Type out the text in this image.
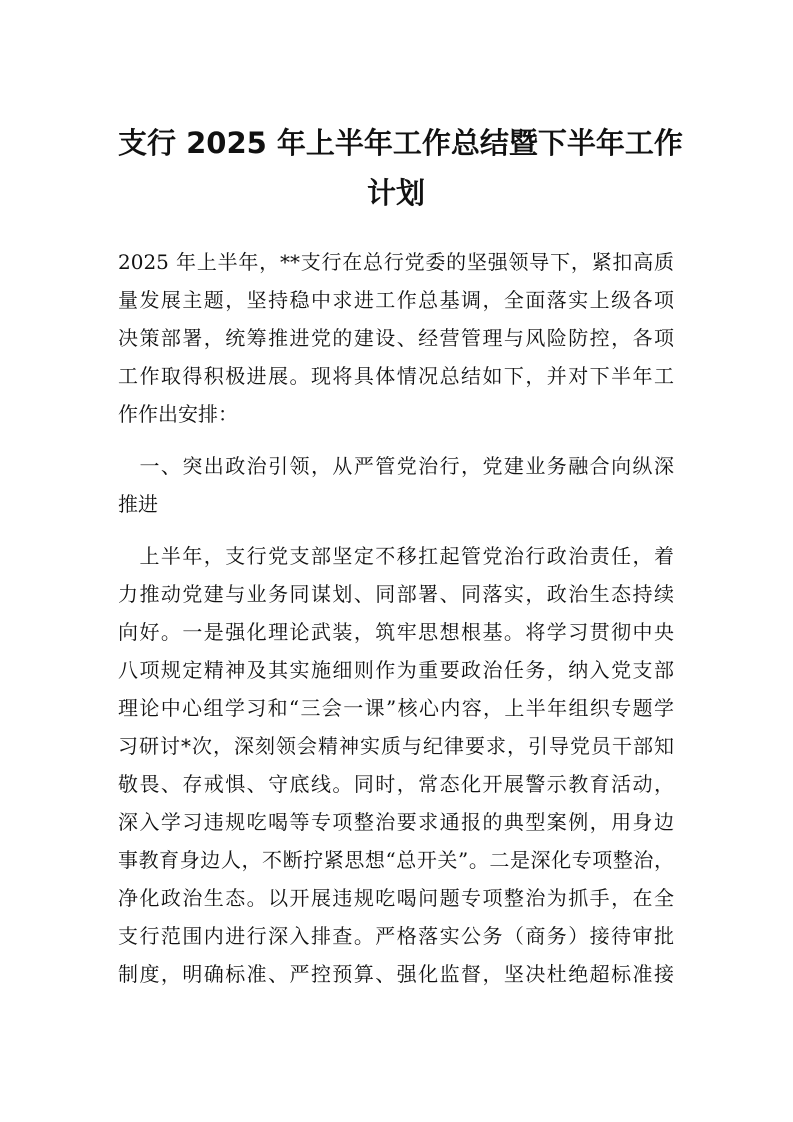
支行 2025 年上半年工作总结暨下半年工作
计划

2025 年上半年，**支行在总行党委的坚强领导下，紧扣高质

量发展主题，坚持稳中求进工作总基调，全面落实上级各项

决策部署，统筹推进党的建设、经营管理与风险防控，各项

工作取得积极进展。现将具体情况总结如下，并对下半年工

作作出安排：

　一、突出政治引领，从严管党治行，党建业务融合向纵深

推进

　上半年，支行党支部坚定不移扛起管党治行政治责任，着

力推动党建与业务同谋划、同部署、同落实，政治生态持续

向好。一是强化理论武装，筑牢思想根基。将学习贯彻中央

八项规定精神及其实施细则作为重要政治任务，纳入党支部

理论中心组学习和“三会一课”核心内容，上半年组织专题学

习研讨*次，深刻领会精神实质与纪律要求，引导党员干部知

敬畏、存戒惧、守底线。同时，常态化开展警示教育活动，

深入学习违规吃喝等专项整治要求通报的典型案例，用身边

事教育身边人，不断拧紧思想“总开关”。二是深化专项整治，

净化政治生态。以开展违规吃喝问题专项整治为抓手，在全

支行范围内进行深入排查。严格落实公务（商务）接待审批

制度，明确标准、严控预算、强化监督，坚决杜绝超标准接
